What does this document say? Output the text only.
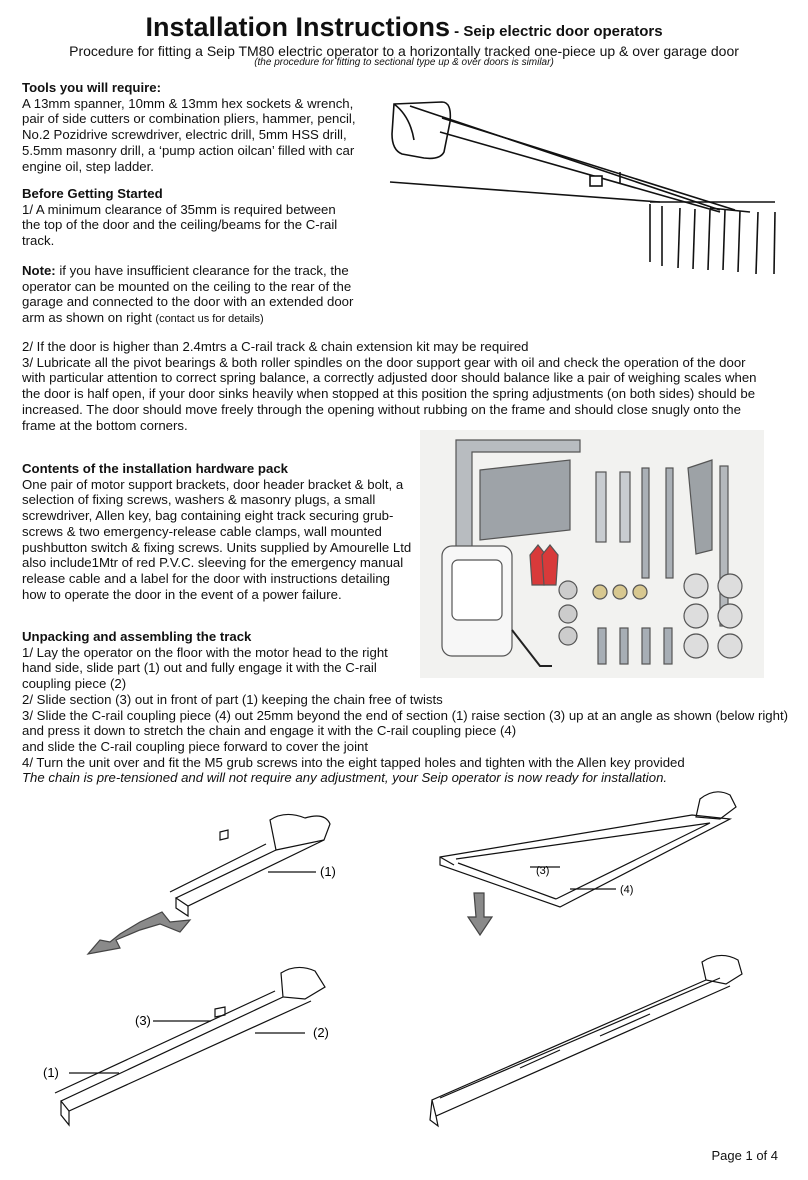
Installation Instructions - Seip electric door operators
Procedure for fitting a Seip TM80 electric operator to a horizontally tracked one-piece up & over garage door
(the procedure for fitting to sectional type up & over doors is similar)

Tools you will require:

A 13mm spanner, 10mm & 13mm hex sockets & wrench, pair of side cutters or combination pliers, hammer, pencil, No.2 Pozidrive screwdriver, electric drill, 5mm HSS drill, 5.5mm masonry drill, a ‘pump action oilcan’ filled with car engine oil, step ladder.

Before Getting Started

1/ A minimum clearance of 35mm is required between the top of the door and the ceiling/beams for the C-rail track.

Note: if you have insufficient clearance for the track, the operator can be mounted on the ceiling to the rear of the garage and connected to the door with an extended door arm as shown on right (contact us for details)

2/ If the door is higher than 2.4mtrs a C-rail track & chain extension kit may be required

3/ Lubricate all the pivot bearings & both roller spindles on the door support gear with oil and check the operation of the door with particular attention to correct spring balance, a correctly adjusted door should balance like a pair of weighing scales when the door is half open, if your door sinks heavily when stopped at this position the spring adjustments (on both sides) should be increased. The door should move freely through the opening without rubbing on the frame and should close snugly onto the frame at the bottom corners.

Contents of the installation hardware pack

One pair of motor support brackets, door header bracket & bolt, a selection of fixing screws, washers & masonry plugs, a small screwdriver, Allen key, bag containing eight track securing grub-screws & two emergency-release cable clamps, wall mounted pushbutton switch & fixing screws. Units supplied by Amourelle Ltd also include1Mtr of red P.V.C. sleeving for the emergency manual release cable and a label for the door with instructions detailing how to operate the door in the event of a power failure.

Unpacking and assembling the track

1/ Lay the operator on the floor with the motor head to the right hand side, slide part (1) out and fully engage it with the C-rail coupling piece (2)

2/ Slide section (3) out in front of part (1) keeping the chain free of twists

3/ Slide the C-rail coupling piece (4) out 25mm beyond the end of section (1) raise section (3) up at an angle as shown (below right) and press it down to stretch the chain and engage it with the C-rail coupling piece (4)

and slide the C-rail coupling piece forward to cover the joint

4/ Turn the unit over and fit the M5 grub screws into the eight tapped holes and tighten with the Allen key provided

The chain is pre-tensioned and will not require any adjustment, your Seip operator is now ready for installation.

(1)	(3)
(4)
(3)
(2)
(1)
Page 1 of 4
